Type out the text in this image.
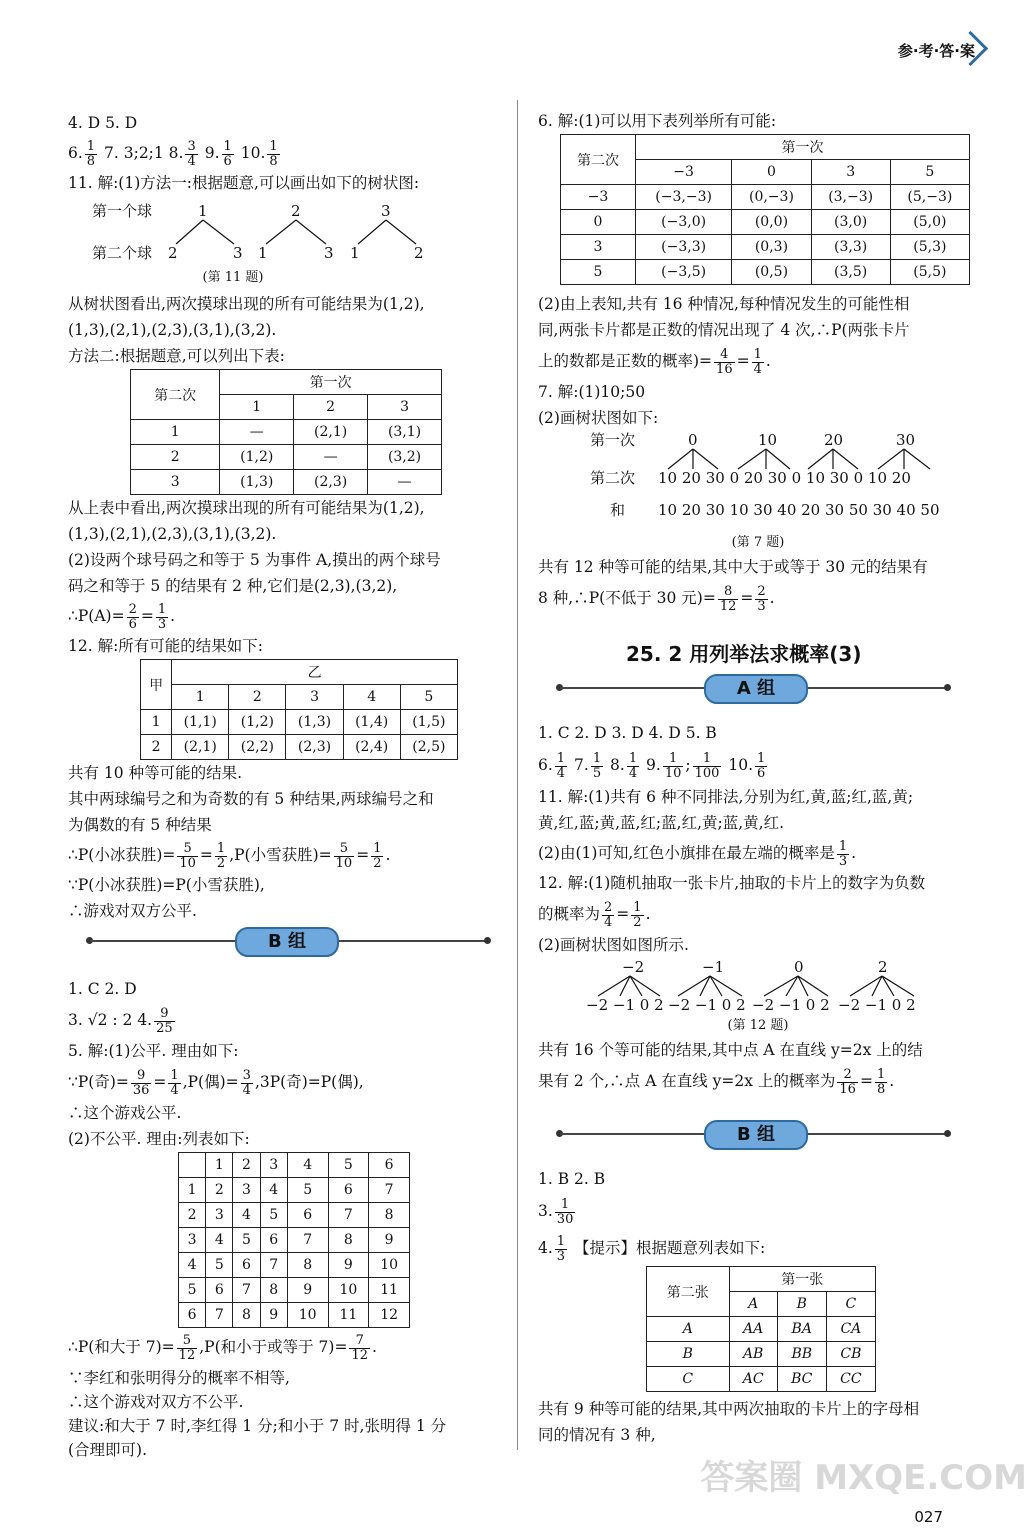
参·考·答·案
4. D 5. D
6. $\frac{1}{8} 7$. 3;2;1 8. $\frac{3}{4} 9$. $\frac{1}{6} 10$. $\frac{1}{8}$
11. 解:(1)方法一:根据题意,可以画出如下的树状图:
第一个球
第二个球
1	2	3
2	3 1	3 1	2
(第 11 题)
从树状图看出,两次摸球出现的所有可能结果为(1,2),
(1,3),(2,1),(2,3),(3,1),(3,2).
方法二:根据题意,可以列出下表:
第二次	第一次		
	1	2	3
1	—	(2,1)	(3,1)
2	(1,2)	—	(3,2)
3	(1,3)	(2,3)	—
从上表中看出,两次摸球出现的所有可能结果为(1,2),
(1,3),(2,1),(2,3),(3,1),(3,2).
(2)设两个球号码之和等于 5 为事件 A,摸出的两个球号
码之和等于 5 的结果有 2 种,它们是(2,3),(3,2),
∴P(A)= $\frac{2}{6} = \frac{1}{3}$ .
12. 解:所有可能的结果如下:
甲	乙				
	1	2	3	4	5
1	(1,1)	(1,2)	(1,3)	(1,4)	(1,5)
2	(2,1)	(2,2)	(2,3)	(2,4)	(2,5)
共有 10 种等可能的结果.
其中两球编号之和为奇数的有 5 种结果,两球编号之和
为偶数的有 5 种结果
∴P(小冰获胜)= $\frac{5}{10} = \frac{1}{2} ,P$(小雪获胜)= $\frac{5}{10} = \frac{1}{2}$ .
∵P(小冰获胜)=P(小雪获胜),
∴游戏对双方公平.
B 组
1. C 2. D
3. √2 : 2 4. $\frac{9}{25}$
5. 解:(1)公平. 理由如下:
∵P(奇)= $\frac{9}{36} = \frac{1}{4} ,P$(偶)= $\frac{3}{4} ,3P$(奇)=P(偶),
∴这个游戏公平.
(2)不公平. 理由:列表如下:
	1	2	3	4	5	6
1	2	3	4	5	6	7
2	3	4	5	6	7	8
3	4	5	6	7	8	9
4	5	6	7	8	9	10
5	6	7	8	9	10	11
6	7	8	9	10	11	12
∴P(和大于 $7)= \frac{5}{12} ,P$(和小于或等于 $7)= \frac{7}{12}$ .
∵李红和张明得分的概率不相等,
∴这个游戏对双方不公平.
建议:和大于 7 时,李红得 1 分;和小于 7 时,张明得 1 分
(合理即可).
6. 解:(1)可以用下表列举所有可能:
第二次	第一次			
	−3	0	3	5
−3	(−3,−3)	(0,−3)	(3,−3)	(5,−3)
0	(−3,0)	(0,0)	(3,0)	(5,0)
3	(−3,3)	(0,3)	(3,3)	(5,3)
5	(−3,5)	(0,5)	(3,5)	(5,5)
(2)由上表知,共有 16 种情况,每种情况发生的可能性相
同,两张卡片都是正数的情况出现了 4 次,∴P(两张卡片
上的数都是正数的概率)= $\frac{4}{16} = \frac{1}{4}$ .
7. 解:(1)10;50
(2)画树状图如下:
第一次
第二次
和
0	10	20	30
10 20 30 0 20 30 0 10 30 0 10 20
10 20 30 10 30 40 20 30 50 30 40 50
(第 7 题)
共有 12 种等可能的结果,其中大于或等于 30 元的结果有
8 种,∴P(不低于 30 元)= $\frac{8}{12} = \frac{2}{3}$ .
25. 2 用列举法求概率(3)
A 组
1. C 2. D 3. D 4. D 5. B
6. $\frac{1}{4} 7$. $\frac{1}{5} 8$. $\frac{1}{4} 9$. $\frac{1}{10}$ ; $\frac{1}{100} 10$. $\frac{1}{6}$
11. 解:(1)共有 6 种不同排法,分别为红,黄,蓝;红,蓝,黄;
黄,红,蓝;黄,蓝,红;蓝,红,黄;蓝,黄,红.
(2)由(1)可知,红色小旗排在最左端的概率是 $\frac{1}{3}$ .
12. 解:(1)随机抽取一张卡片,抽取的卡片上的数字为负数
的概率为 $\frac{2}{4} = \frac{1}{2}$ .
(2)画树状图如图所示.
−2	−1	0	2
−2 −1 0 2 −2 −1 0 2 −2 −1 0 2 −2 −1 0 2
(第 12 题)
共有 16 个等可能的结果,其中点 A 在直线 y=2x 上的结
果有 2 个,∴点 A 在直线 y=2x 上的概率为 $\frac{2}{16} = \frac{1}{8}$ .
B 组
1. B 2. B
3. $\frac{1}{30}$
4. $\frac{1}{3}$ 【提示】根据题意列表如下:
第二张	第一张		
	A	B	C
A	AA	BA	CA
B	AB	BB	CB
C	AC	BC	CC
共有 9 种等可能的结果,其中两次抽取的卡片上的字母相
同的情况有 3 种,
027
答案圈 MXQE.COM
